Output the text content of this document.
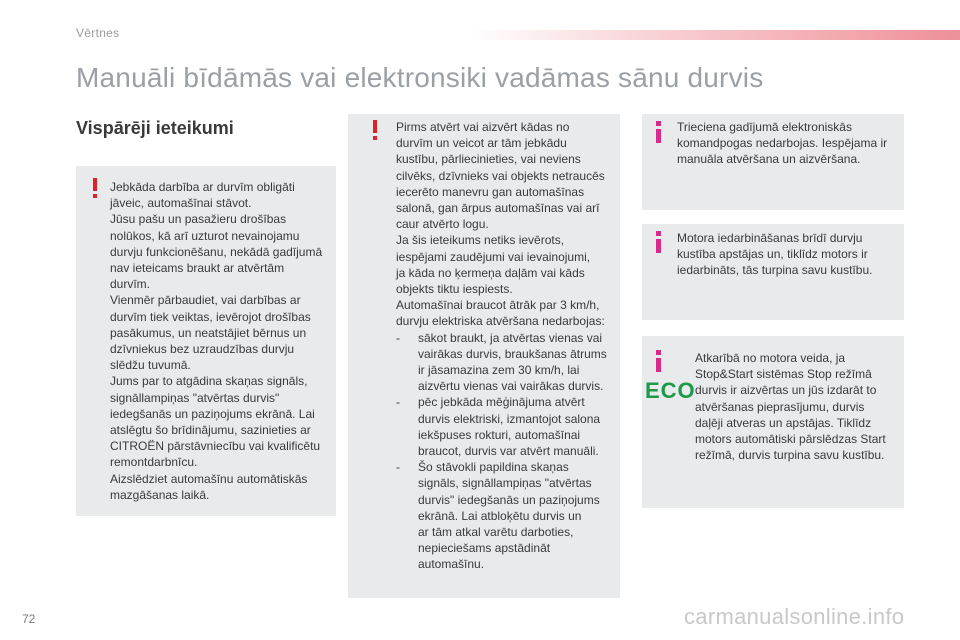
Vērtnes
Manuāli bīdāmās vai elektronsiki vadāmas sānu durvis
Vispārēji ieteikumi

Jebkāda darbība ar durvīm obligāti

jāveic, automašīnai stāvot.

Jūsu pašu un pasažieru drošības

nolūkos, kā arī uzturot nevainojamu

durvju funkcionēšanu, nekādā gadījumā

nav ieteicams braukt ar atvērtām

durvīm.

Vienmēr pārbaudiet, vai darbības ar

durvīm tiek veiktas, ievērojot drošības

pasākumus, un neatstājiet bērnus un

dzīvniekus bez uzraudzības durvju

slēdžu tuvumā.

Jums par to atgādina skaņas signāls,

signāllampiņas "atvērtas durvis"

iedegšanās un paziņojums ekrānā. Lai

atslēgtu šo brīdinājumu, sazinieties ar

CITROËN pārstāvniecību vai kvalificētu

remontdarbnīcu.

Aizslēdziet automašīnu automātiskās

mazgāšanas laikā.

Pirms atvērt vai aizvērt kādas no

durvīm un veicot ar tām jebkādu

kustību, pārliecinieties, vai neviens

cilvēks, dzīvnieks vai objekts netraucēs

iecerēto manevru gan automašīnas

salonā, gan ārpus automašīnas vai arī

caur atvērto logu.

Ja šis ieteikums netiks ievērots,

iespējami zaudējumi vai ievainojumi,

ja kāda no ķermeņa daļām vai kāds

objekts tiktu iespiests.

Automašīnai braucot ātrāk par 3 km/h,

durvju elektriska atvēršana nedarbojas:

- sākot braukt, ja atvērtas vienas vai

vairākas durvis, braukšanas ātrums

ir jāsamazina zem 30 km/h, lai

aizvērtu vienas vai vairākas durvis.

- pēc jebkāda mēģinājuma atvērt

durvis elektriski, izmantojot salona

iekšpuses rokturi, automašīnai

braucot, durvis var atvērt manuāli.

- Šo stāvokli papildina skaņas

signāls, signāllampiņas "atvērtas

durvis" iedegšanās un paziņojums

ekrānā. Lai atbloķētu durvis un

ar tām atkal varētu darboties,

nepieciešams apstādināt

automašīnu.

Trieciena gadījumā elektroniskās

komandpogas nedarbojas. Iespējama ir

manuāla atvēršana un aizvēršana.

Motora iedarbināšanas brīdī durvju

kustība apstājas un, tiklīdz motors ir

iedarbināts, tās turpina savu kustību.

ECO

Atkarībā no motora veida, ja

Stop&Start sistēmas Stop režīmā

durvis ir aizvērtas un jūs izdarāt to

atvēršanas pieprasījumu, durvis

daļēji atveras un apstājas. Tiklīdz

motors automātiski pārslēdzas Start

režīmā, durvis turpina savu kustību.

72	carmanualsonline.info
